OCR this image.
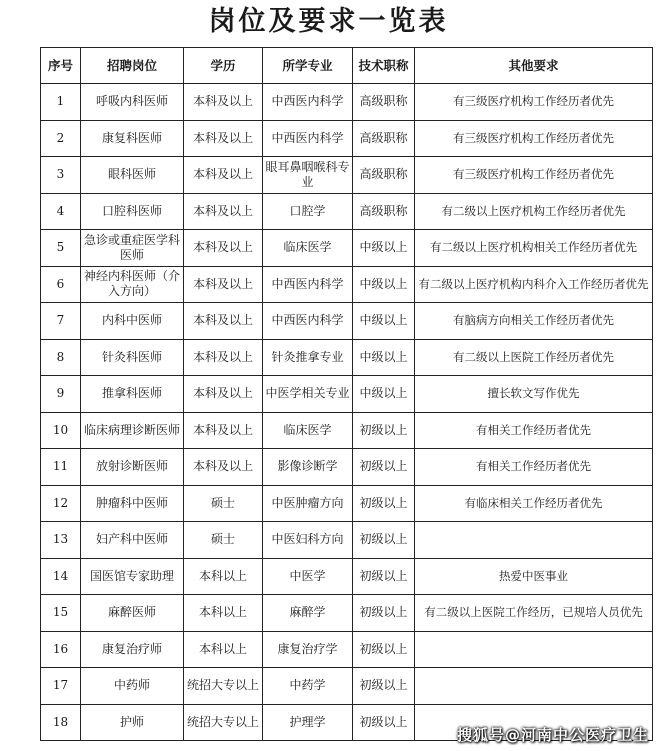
岗位及要求一览表
序号	招聘岗位	学历	所学专业	技术职称	其他要求
1	呼吸内科医师	本科及以上	中西医内科学	高级职称	有三级医疗机构工作经历者优先
2	康复科医师	本科及以上	中西医内科学	高级职称	有三级医疗机构工作经历者优先
3	眼科医师	本科及以上	眼耳鼻咽喉科专业	高级职称	有三级医疗机构工作经历者优先
4	口腔科医师	本科及以上	口腔学	高级职称	有二级以上医疗机构工作经历者优先
5	急诊或重症医学科医师	本科及以上	临床医学	中级以上	有二级以上医疗机构相关工作经历者优先
6	神经内科医师（介入方向）	本科及以上	中西医内科学	中级以上	有二级以上医疗机构内科介入工作经历者优先
7	内科中医师	本科及以上	中西医内科学	中级以上	有脑病方向相关工作经历者优先
8	针灸科医师	本科及以上	针灸推拿专业	中级以上	有二级以上医院工作经历者优先
9	推拿科医师	本科及以上	中医学相关专业	中级以上	擅长软文写作优先
10	临床病理诊断医师	本科及以上	临床医学	初级以上	有相关工作经历者优先
11	放射诊断医师	本科及以上	影像诊断学	初级以上	有相关工作经历者优先
12	肿瘤科中医师	硕士	中医肿瘤方向	初级以上	有临床相关工作经历者优先
13	妇产科中医师	硕士	中医妇科方向	初级以上	
14	国医馆专家助理	本科以上	中医学	初级以上	热爱中医事业
15	麻醉医师	本科以上	麻醉学	初级以上	有二级以上医院工作经历，已规培人员优先
16	康复治疗师	本科以上	康复治疗学	初级以上	
17	中药师	统招大专以上	中药学	初级以上	
18	护师	统招大专以上	护理学	初级以上	
搜狐号@河南中公医疗卫生
